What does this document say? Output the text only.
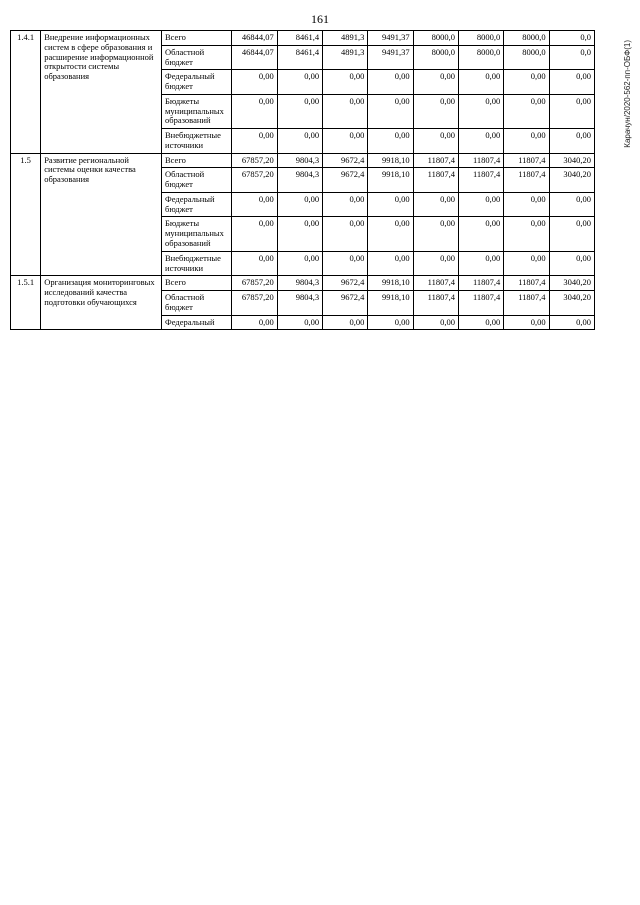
161
Карачун/2020-562-пп-ОБФ(1)
1.4.1	Внедрение информационных систем в сфере образования и расширение информационной открытости системы образования	Всего	46844,07	8461,4	4891,3	9491,37	8000,0	8000,0	8000,0	0,0
		Областной бюджет	46844,07	8461,4	4891,3	9491,37	8000,0	8000,0	8000,0	0,0
		Федеральный бюджет	0,00	0,00	0,00	0,00	0,00	0,00	0,00	0,00
		Бюджеты муниципальных образований	0,00	0,00	0,00	0,00	0,00	0,00	0,00	0,00
		Внебюджетные источники	0,00	0,00	0,00	0,00	0,00	0,00	0,00	0,00
1.5	Развитие региональной системы оценки качества образования	Всего	67857,20	9804,3	9672,4	9918,10	11807,4	11807,4	11807,4	3040,20
		Областной бюджет	67857,20	9804,3	9672,4	9918,10	11807,4	11807,4	11807,4	3040,20
		Федеральный бюджет	0,00	0,00	0,00	0,00	0,00	0,00	0,00	0,00
		Бюджеты муниципальных образований	0,00	0,00	0,00	0,00	0,00	0,00	0,00	0,00
		Внебюджетные источники	0,00	0,00	0,00	0,00	0,00	0,00	0,00	0,00
1.5.1	Организация мониторинговых исследований качества подготовки обучающихся	Всего	67857,20	9804,3	9672,4	9918,10	11807,4	11807,4	11807,4	3040,20
		Областной бюджет	67857,20	9804,3	9672,4	9918,10	11807,4	11807,4	11807,4	3040,20
		Федеральный	0,00	0,00	0,00	0,00	0,00	0,00	0,00	0,00
